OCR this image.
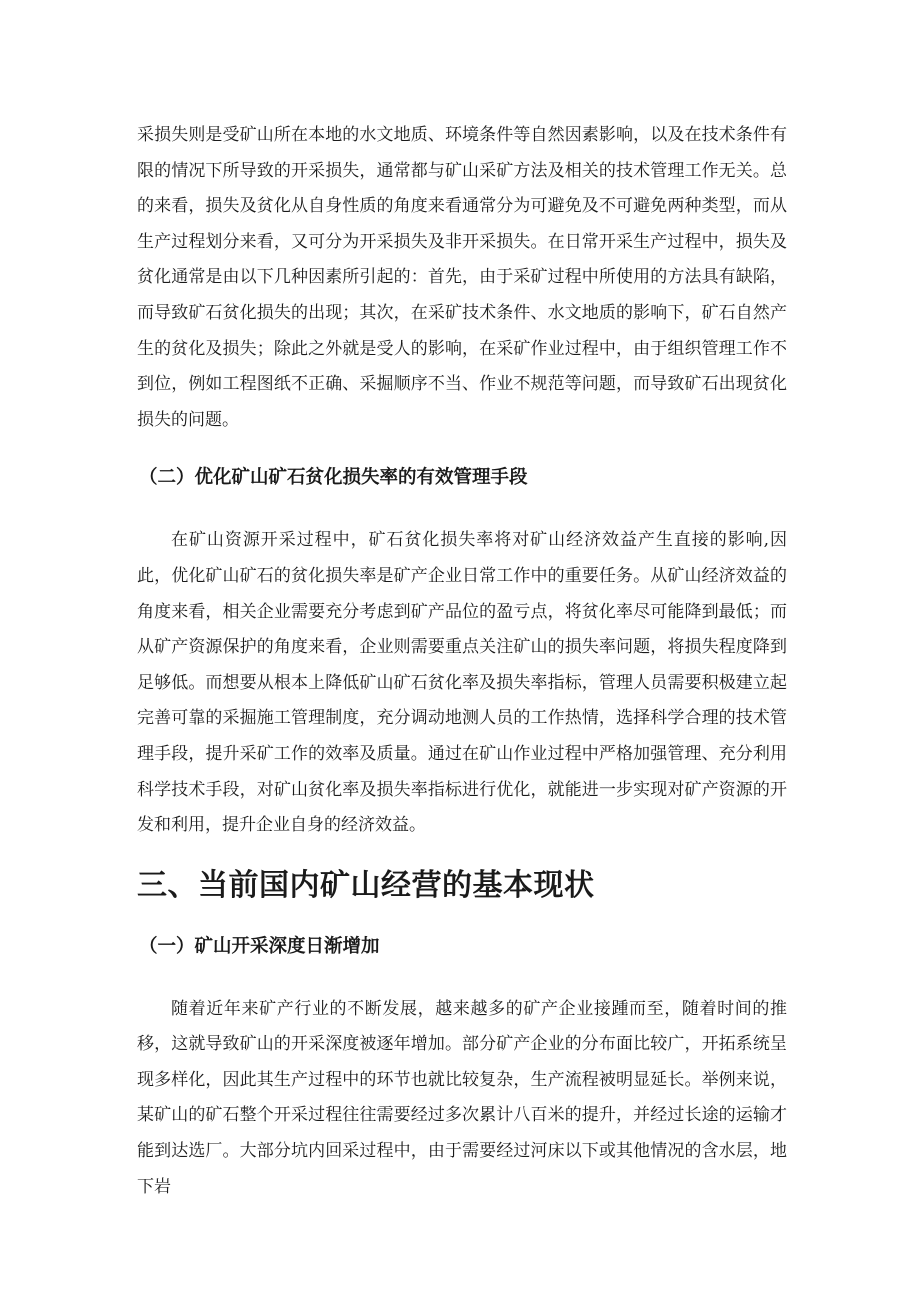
采损失则是受矿山所在本地的水文地质、环境条件等自然因素影响，以及在技术条件有限的情况下所导致的开采损失，通常都与矿山采矿方法及相关的技术管理工作无关。总的来看，损失及贫化从自身性质的角度来看通常分为可避免及不可避免两种类型，而从生产过程划分来看，又可分为开采损失及非开采损失。在日常开采生产过程中，损失及贫化通常是由以下几种因素所引起的：首先，由于采矿过程中所使用的方法具有缺陷，而导致矿石贫化损失的出现；其次，在采矿技术条件、水文地质的影响下，矿石自然产生的贫化及损失；除此之外就是受人的影响，在采矿作业过程中，由于组织管理工作不到位，例如工程图纸不正确、采掘顺序不当、作业不规范等问题，而导致矿石出现贫化损失的问题。

（二）优化矿山矿石贫化损失率的有效管理手段

在矿山资源开采过程中，矿石贫化损失率将对矿山经济效益产生直接的影响,因此，优化矿山矿石的贫化损失率是矿产企业日常工作中的重要任务。从矿山经济效益的角度来看，相关企业需要充分考虑到矿产品位的盈亏点，将贫化率尽可能降到最低；而从矿产资源保护的角度来看，企业则需要重点关注矿山的损失率问题，将损失程度降到足够低。而想要从根本上降低矿山矿石贫化率及损失率指标，管理人员需要积极建立起完善可靠的采掘施工管理制度，充分调动地测人员的工作热情，选择科学合理的技术管理手段，提升采矿工作的效率及质量。通过在矿山作业过程中严格加强管理、充分利用科学技术手段，对矿山贫化率及损失率指标进行优化，就能进一步实现对矿产资源的开发和利用，提升企业自身的经济效益。

三、当前国内矿山经营的基本现状
（一）矿山开采深度日渐增加

随着近年来矿产行业的不断发展，越来越多的矿产企业接踵而至，随着时间的推移，这就导致矿山的开采深度被逐年增加。部分矿产企业的分布面比较广，开拓系统呈现多样化，因此其生产过程中的环节也就比较复杂，生产流程被明显延长。举例来说，某矿山的矿石整个开采过程往往需要经过多次累计八百米的提升，并经过长途的运输才能到达选厂。大部分坑内回采过程中，由于需要经过河床以下或其他情况的含水层，地下岩
